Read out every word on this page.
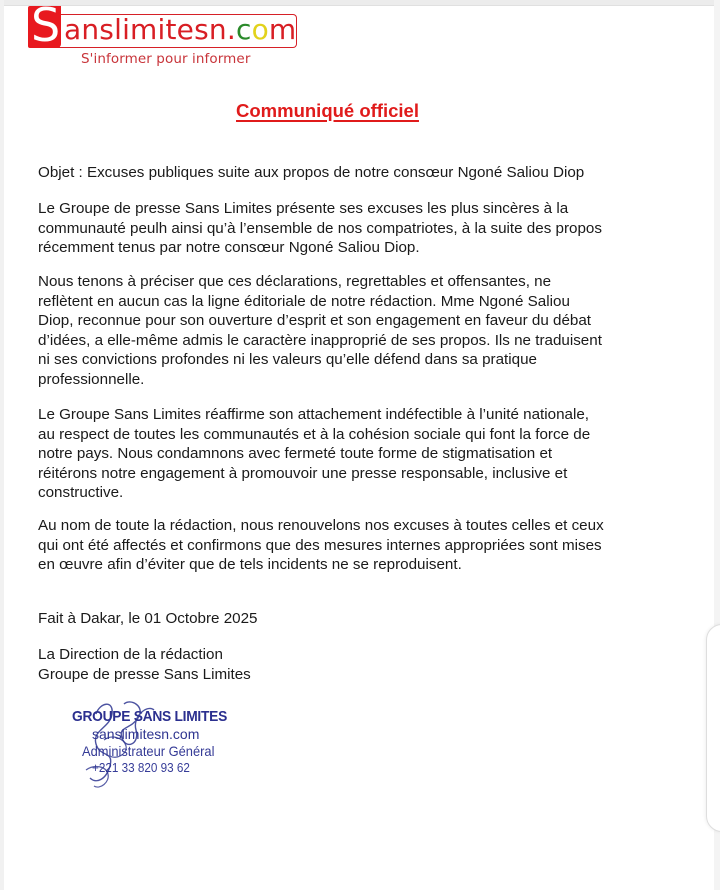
S anslimitesn.com
S'informer pour informer
Communiqué officiel

Objet : Excuses publiques suite aux propos de notre consœur Ngoné Saliou Diop

Le Groupe de presse Sans Limites présente ses excuses les plus sincères à la
communauté peulh ainsi qu’à l’ensemble de nos compatriotes, à la suite des propos
récemment tenus par notre consœur Ngoné Saliou Diop.

Nous tenons à préciser que ces déclarations, regrettables et offensantes, ne
reflètent en aucun cas la ligne éditoriale de notre rédaction. Mme Ngoné Saliou
Diop, reconnue pour son ouverture d’esprit et son engagement en faveur du débat
d’idées, a elle-même admis le caractère inapproprié de ses propos. Ils ne traduisent
ni ses convictions profondes ni les valeurs qu’elle défend dans sa pratique
professionnelle.

Le Groupe Sans Limites réaffirme son attachement indéfectible à l’unité nationale,
au respect de toutes les communautés et à la cohésion sociale qui font la force de
notre pays. Nous condamnons avec fermeté toute forme de stigmatisation et
réitérons notre engagement à promouvoir une presse responsable, inclusive et
constructive.

Au nom de toute la rédaction, nous renouvelons nos excuses à toutes celles et ceux
qui ont été affectés et confirmons que des mesures internes appropriées sont mises
en œuvre afin d’éviter que de tels incidents ne se reproduisent.

Fait à Dakar, le 01 Octobre 2025

La Direction de la rédaction
Groupe de presse Sans Limites

GROUPE SANS LIMITES
sanslimitesn.com
Administrateur Général
+221 33 820 93 62
